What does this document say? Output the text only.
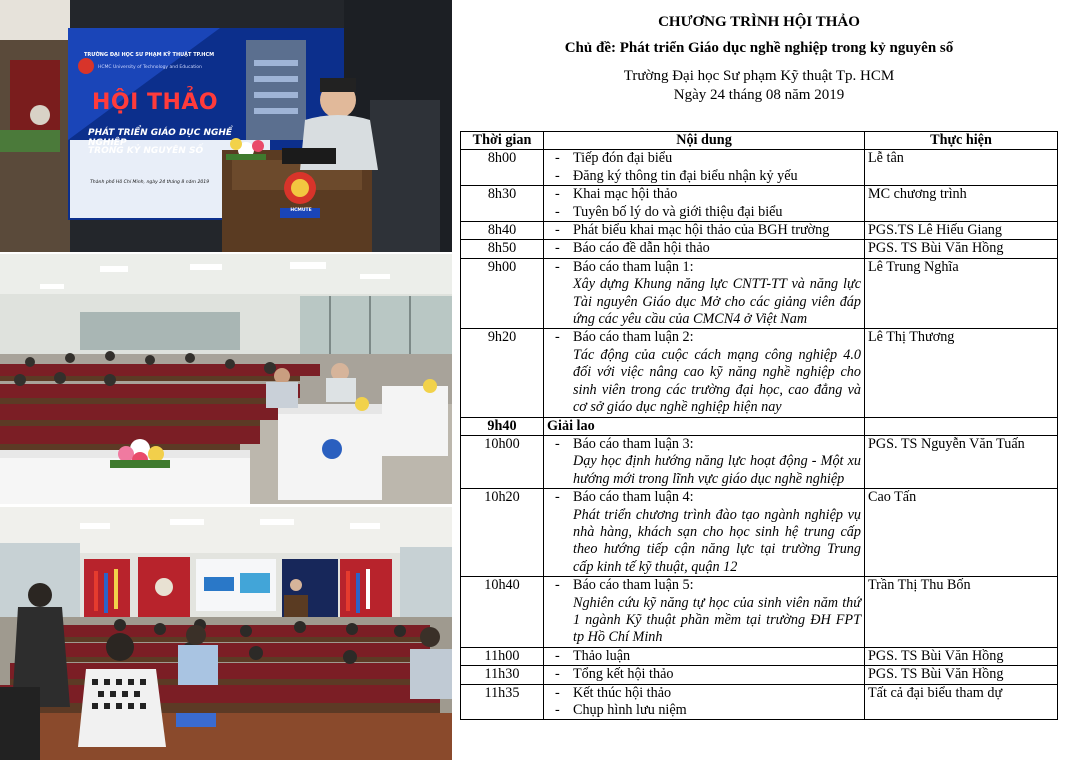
TRƯỜNG ĐẠI HỌC SƯ PHẠM KỸ THUẬT TP.HCM
HCMC University of Technology and Education
HỘI THẢO
PHÁT TRIỂN GIÁO DỤC NGHỀ NGHIỆP
TRONG KỶ NGUYÊN SỐ
Thành phố Hồ Chí Minh, ngày 24 tháng 8 năm 2019
HCMUTE
CHƯƠNG TRÌNH HỘI THẢO
Chủ đề: Phát triển Giáo dục nghề nghiệp trong kỷ nguyên số
Trường Đại học Sư phạm Kỹ thuật Tp. HCM
Ngày 24 tháng 08 năm 2019
Thời gian	Nội dung	Thực hiện
8h00	- Tiếp đón đại biểu
- Đăng ký thông tin đại biểu nhận kỷ yếu	Lễ tân
8h30	- Khai mạc hội thảo
- Tuyên bố lý do và giới thiệu đại biểu	MC chương trình
8h40	- Phát biểu khai mạc hội thảo của BGH trường	PGS.TS Lê Hiếu Giang
8h50	- Báo cáo đề dẫn hội thảo	PGS. TS Bùi Văn Hồng
9h00	- Báo cáo tham luận 1:
Xây dựng Khung năng lực CNTT-TT và năng lực Tài nguyên Giáo dục Mở cho các giảng viên đáp ứng các yêu cầu của CMCN4 ở Việt Nam	Lê Trung Nghĩa
9h20	- Báo cáo tham luận 2:
Tác động của cuộc cách mạng công nghiệp 4.0 đối với việc nâng cao kỹ năng nghề nghiệp cho sinh viên trong các trường đại học, cao đẳng và cơ sở giáo dục nghề nghiệp hiện nay	Lê Thị Thương
9h40	Giải lao	
10h00	- Báo cáo tham luận 3:
Dạy học định hướng năng lực hoạt động - Một xu hướng mới trong lĩnh vực giáo dục nghề nghiệp	PGS. TS Nguyễn Văn Tuấn
10h20	- Báo cáo tham luận 4:
Phát triển chương trình đào tạo ngành nghiệp vụ nhà hàng, khách sạn cho học sinh hệ trung cấp theo hướng tiếp cận năng lực tại trường Trung cấp kinh tế kỹ thuật, quận 12	Cao Tấn
10h40	- Báo cáo tham luận 5:
Nghiên cứu kỹ năng tự học của sinh viên năm thứ 1 ngành Kỹ thuật phần mềm tại trường ĐH FPT tp Hồ Chí Minh	Trần Thị Thu Bốn
11h00	- Thảo luận	PGS. TS Bùi Văn Hồng
11h30	- Tổng kết hội thảo	PGS. TS Bùi Văn Hồng
11h35	- Kết thúc hội thảo
- Chụp hình lưu niệm	Tất cả đại biểu tham dự
